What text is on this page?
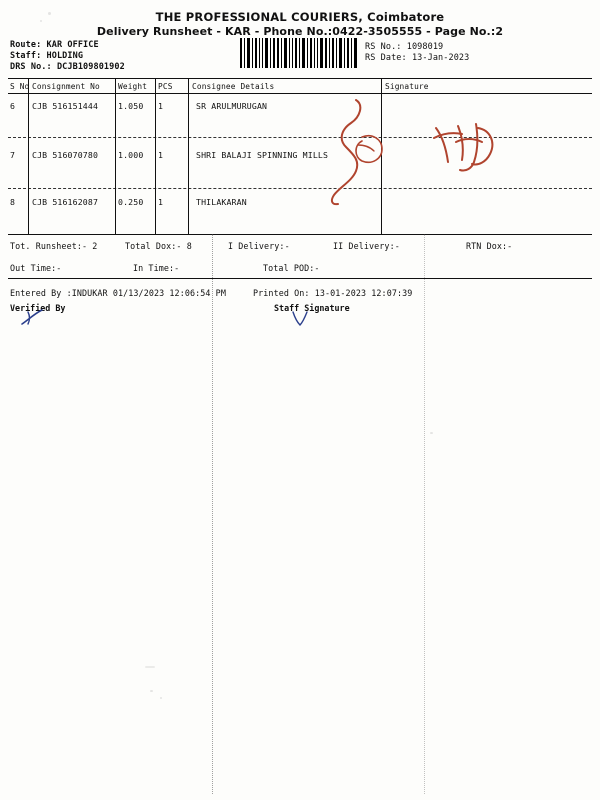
THE PROFESSIONAL COURIERS, Coimbatore
Delivery Runsheet - KAR - Phone No.:0422-3505555 - Page No.:2
Route: KAR OFFICE
Staff: HOLDING
DRS No.: DCJB109801902
RS No.: 1098019
RS Date: 13-Jan-2023
S No Consignment No Weight PCS Consignee Details	Signature
6 CJB 516151444 1.050 1	SR ARULMURUGAN
7 CJB 516070780 1.000 1	SHRI BALAJI SPINNING MILLS
8 CJB 516162087 0.250 1	THILAKARAN
Tot. Runsheet:- 2	Total Dox:- 8	I Delivery:-	II Delivery:-	RTN Dox:-
Out Time:-	In Time:-	Total POD:-
Entered By :INDUKAR 01/13/2023 12:06:54 PM	Printed On: 13-01-2023 12:07:39
Verified By	Staff Signature
